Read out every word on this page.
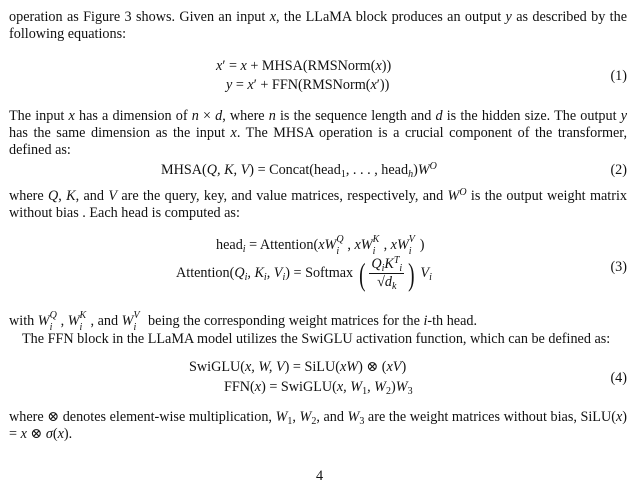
operation as Figure 3 shows. Given an input x, the LLaMA block produces an output y as described by the following equations:
x′ = x + MHSA(RMSNorm(x))
y = x′ + FFN(RMSNorm(x′))
(1)
The input x has a dimension of n × d, where n is the sequence length and d is the hidden size. The output y has the same dimension as the input x. The MHSA operation is a crucial component of the transformer, defined as:
MHSA(Q, K, V) = Concat(head$_1$, . . . , $head_h)W^O$	(2)
where Q, K, and V are the query, key, and value matrices, respectively, and $W^O$ is the output weight matrix without bias . Each head is computed as:
head$_i$ = Attention(xW Q
i , xW K
i , xW V
i )
$Attention(Q_i$, $K_i$, $V_i$) = Softmax ( $\frac{Q_iK^T_i}{√d_k}$ ) $V_i$
(3)
with W Q
i , W K
i , and W V
i being the corresponding weight matrices for the i-th head.
The FFN block in the LLaMA model utilizes the SwiGLU activation function, which can be defined as:
SwiGLU(x, W, V) = SiLU(xW) ⊗ (xV)
FFN(x) = SwiGLU(x, $W_1$, $W_2)W_3$
(4)
where ⊗ denotes element-wise multiplication, $W_1$, $W_2$, and $W_3$ are the weight matrices without bias, SiLU(x) = x ⊗ σ(x).
4
